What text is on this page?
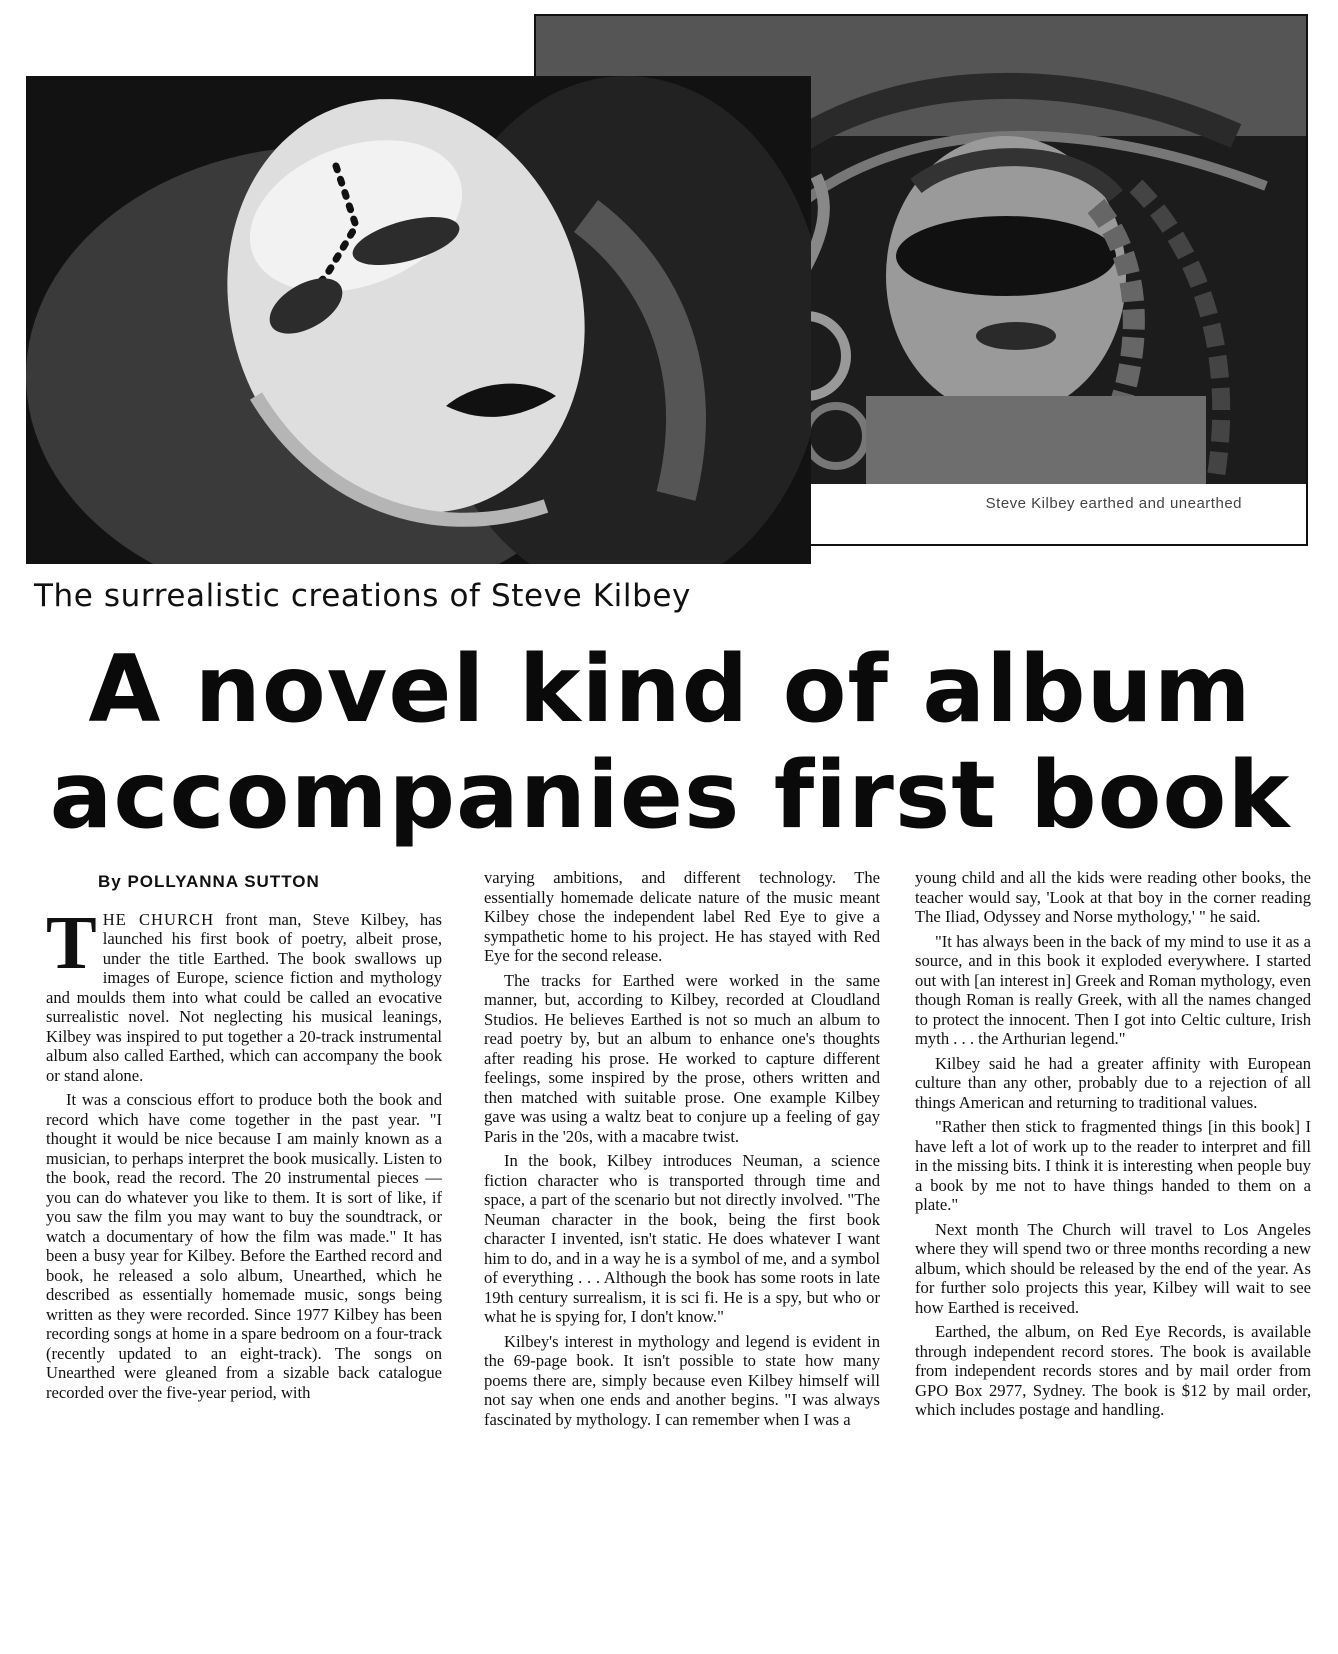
Steve Kilbey earthed and unearthed

The surrealistic creations of Steve Kilbey
A novel kind of album
accompanies first book
By POLLYANNA SUTTON

THE CHURCH front man, Steve Kilbey, has launched his first book of poetry, albeit prose, under the title Earthed. The book swallows up images of Europe, science fiction and mythology and moulds them into what could be called an evocative surrealistic novel. Not neglecting his musical leanings, Kilbey was inspired to put together a 20-track instrumental album also called Earthed, which can accompany the book or stand alone.

It was a conscious effort to produce both the book and record which have come together in the past year. "I thought it would be nice because I am mainly known as a musician, to perhaps interpret the book musically. Listen to the book, read the record. The 20 instrumental pieces — you can do whatever you like to them. It is sort of like, if you saw the film you may want to buy the soundtrack, or watch a documentary of how the film was made." It has been a busy year for Kilbey. Before the Earthed record and book, he released a solo album, Unearthed, which he described as essentially homemade music, songs being written as they were recorded. Since 1977 Kilbey has been recording songs at home in a spare bedroom on a four-track (recently updated to an eight-track). The songs on Unearthed were gleaned from a sizable back catalogue recorded over the five-year period, with

varying ambitions, and different technology. The essentially homemade delicate nature of the music meant Kilbey chose the independent label Red Eye to give a sympathetic home to his project. He has stayed with Red Eye for the second release.

The tracks for Earthed were worked in the same manner, but, according to Kilbey, recorded at Cloudland Studios. He believes Earthed is not so much an album to read poetry by, but an album to enhance one's thoughts after reading his prose. He worked to capture different feelings, some inspired by the prose, others written and then matched with suitable prose. One example Kilbey gave was using a waltz beat to conjure up a feeling of gay Paris in the '20s, with a macabre twist.

In the book, Kilbey introduces Neuman, a science fiction character who is transported through time and space, a part of the scenario but not directly involved. "The Neuman character in the book, being the first book character I invented, isn't static. He does whatever I want him to do, and in a way he is a symbol of me, and a symbol of everything . . . Although the book has some roots in late 19th century surrealism, it is sci fi. He is a spy, but who or what he is spying for, I don't know."

Kilbey's interest in mythology and legend is evident in the 69-page book. It isn't possible to state how many poems there are, simply because even Kilbey himself will not say when one ends and another begins. "I was always fascinated by mythology. I can remember when I was a

young child and all the kids were reading other books, the teacher would say, 'Look at that boy in the corner reading The Iliad, Odyssey and Norse mythology,' " he said.

"It has always been in the back of my mind to use it as a source, and in this book it exploded everywhere. I started out with [an interest in] Greek and Roman mythology, even though Roman is really Greek, with all the names changed to protect the innocent. Then I got into Celtic culture, Irish myth . . . the Arthurian legend."

Kilbey said he had a greater affinity with European culture than any other, probably due to a rejection of all things American and returning to traditional values.

"Rather then stick to fragmented things [in this book] I have left a lot of work up to the reader to interpret and fill in the missing bits. I think it is interesting when people buy a book by me not to have things handed to them on a plate."

Next month The Church will travel to Los Angeles where they will spend two or three months recording a new album, which should be released by the end of the year. As for further solo projects this year, Kilbey will wait to see how Earthed is received.

Earthed, the album, on Red Eye Records, is available through independent record stores. The book is available from independent records stores and by mail order from GPO Box 2977, Sydney. The book is $12 by mail order, which includes postage and handling.
